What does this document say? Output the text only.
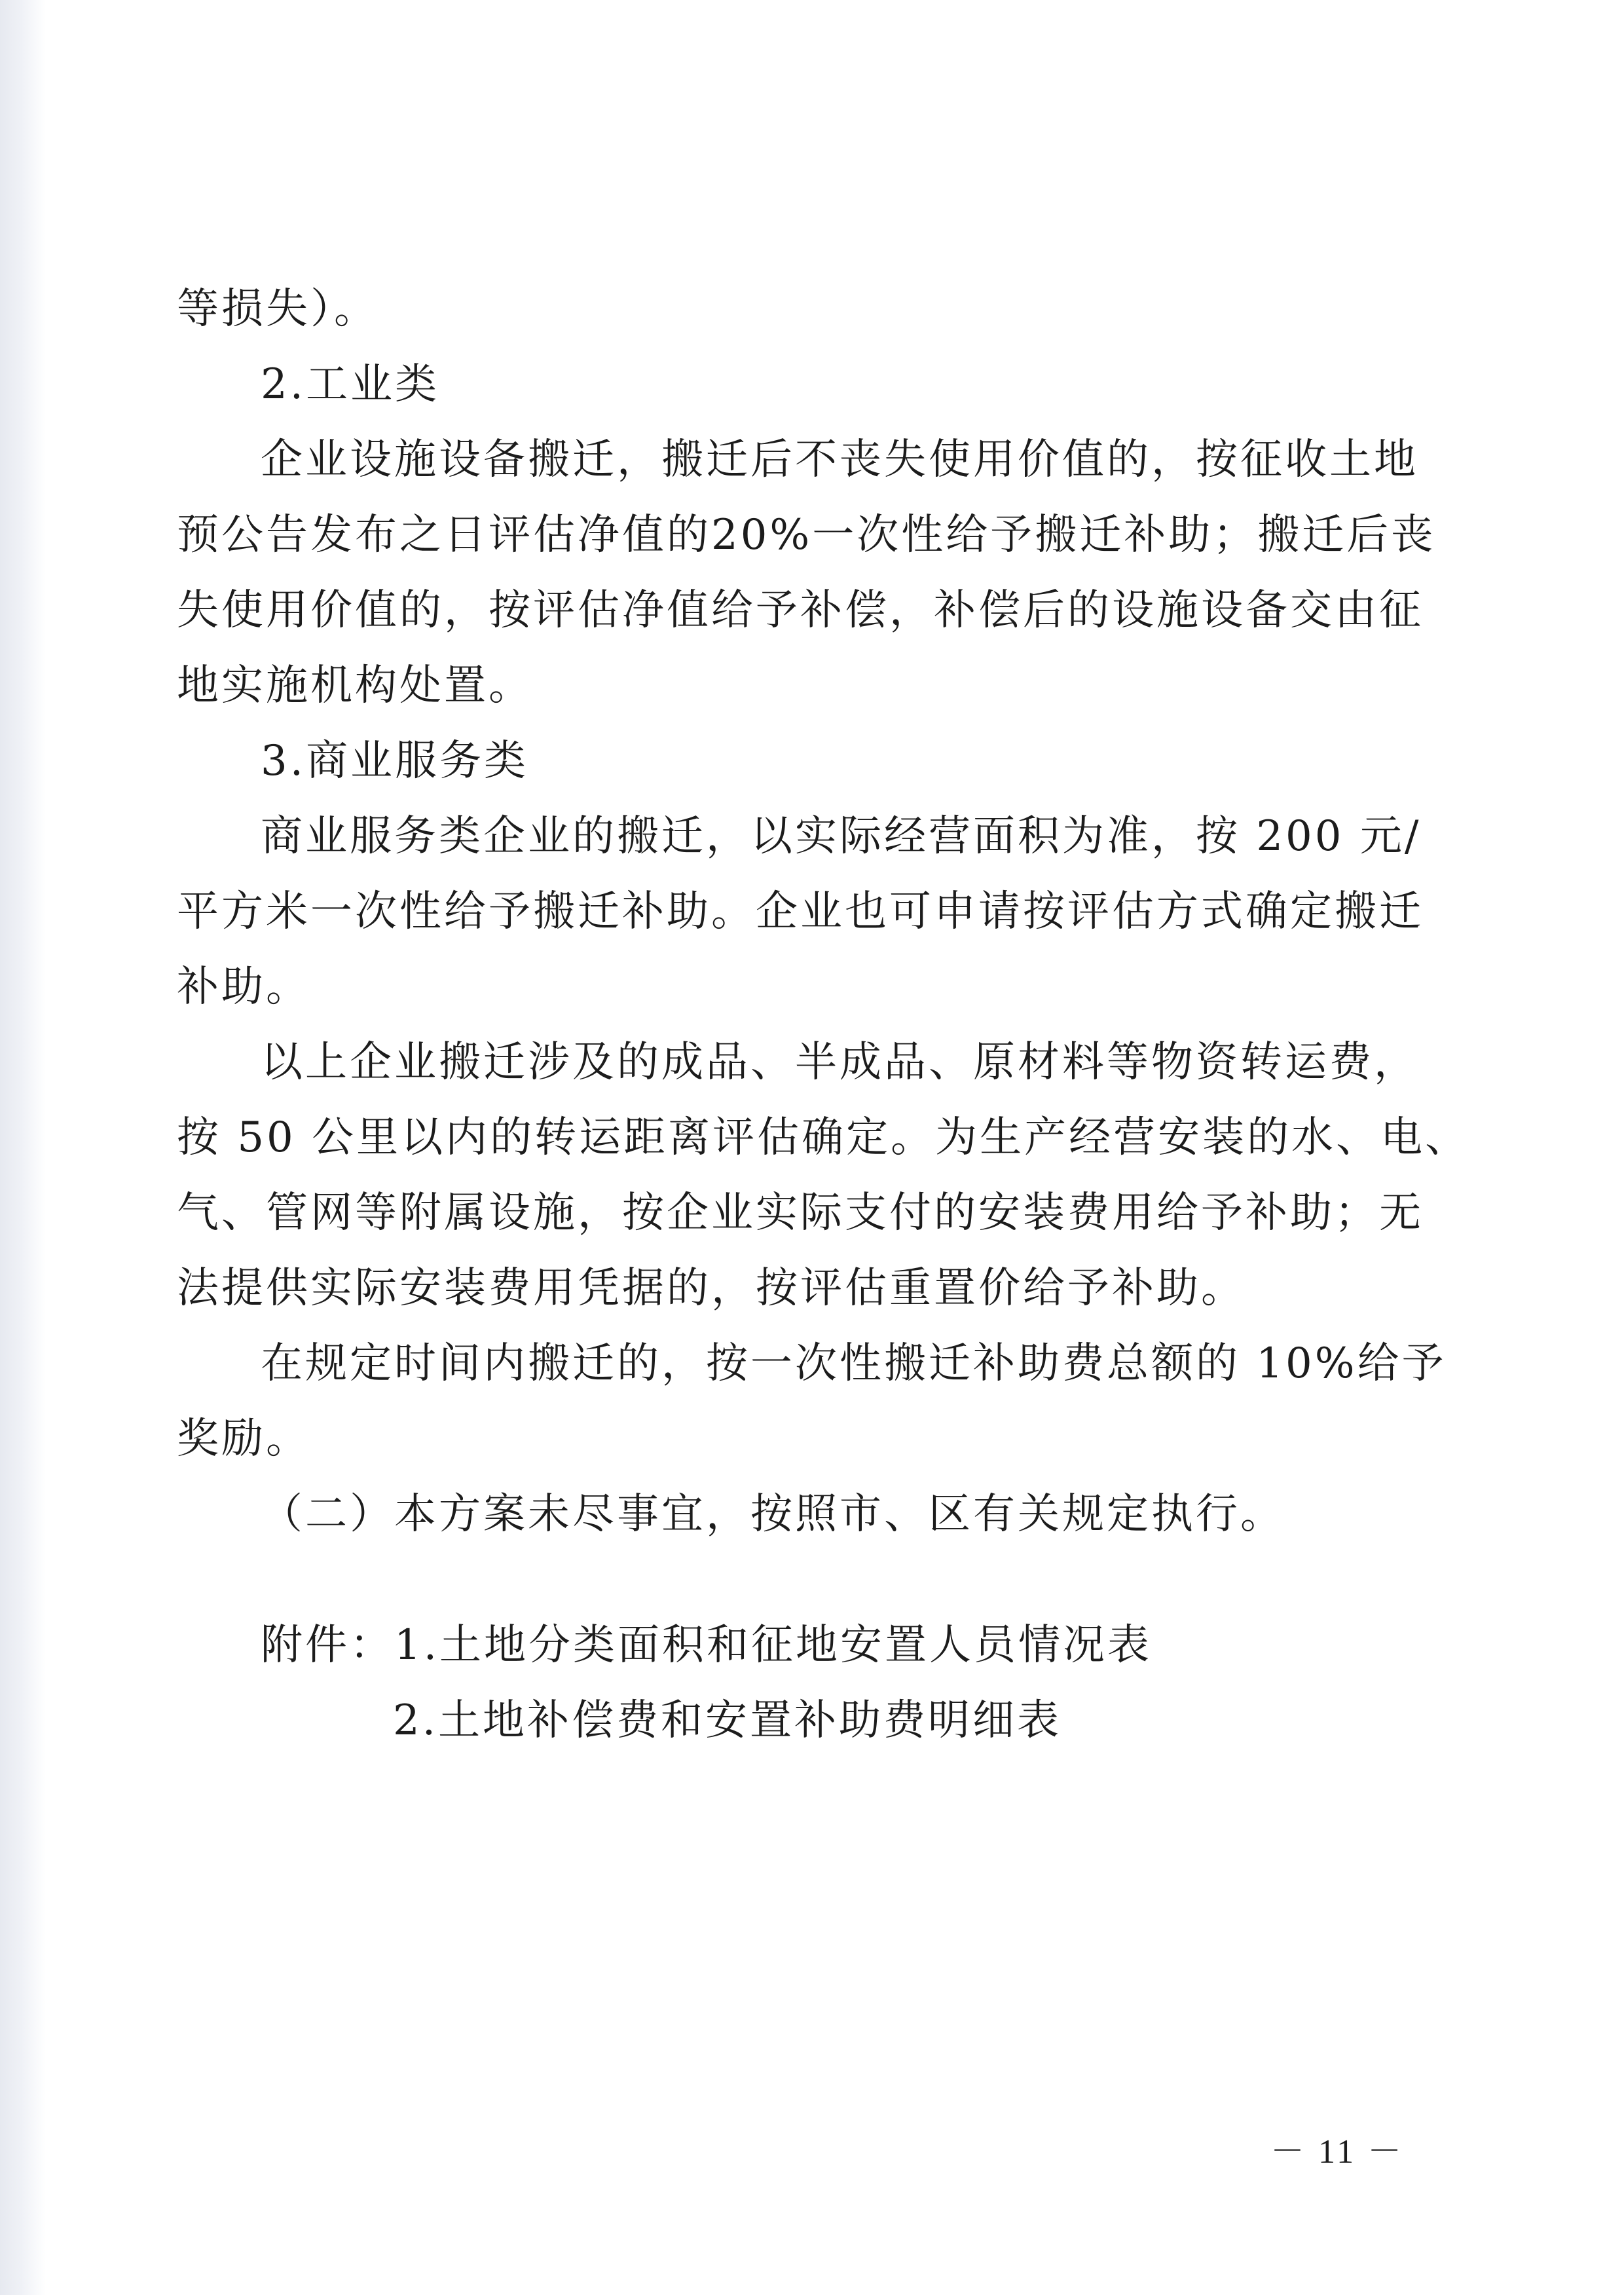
等损失）。
2.工业类
企业设施设备搬迁，搬迁后不丧失使用价值的，按征收土地
预公告发布之日评估净值的20%一次性给予搬迁补助；搬迁后丧
失使用价值的，按评估净值给予补偿，补偿后的设施设备交由征
地实施机构处置。
3.商业服务类
商业服务类企业的搬迁，以实际经营面积为准，按 200 元/
平方米一次性给予搬迁补助。企业也可申请按评估方式确定搬迁
补助。
以上企业搬迁涉及的成品、半成品、原材料等物资转运费，
按 50 公里以内的转运距离评估确定。为生产经营安装的水、电、
气、管网等附属设施，按企业实际支付的安装费用给予补助；无
法提供实际安装费用凭据的，按评估重置价给予补助。
在规定时间内搬迁的，按一次性搬迁补助费总额的 10%给予
奖励。
（二）本方案未尽事宜，按照市、区有关规定执行。
附件：1.土地分类面积和征地安置人员情况表
2.土地补偿费和安置补助费明细表
－ 11 －
